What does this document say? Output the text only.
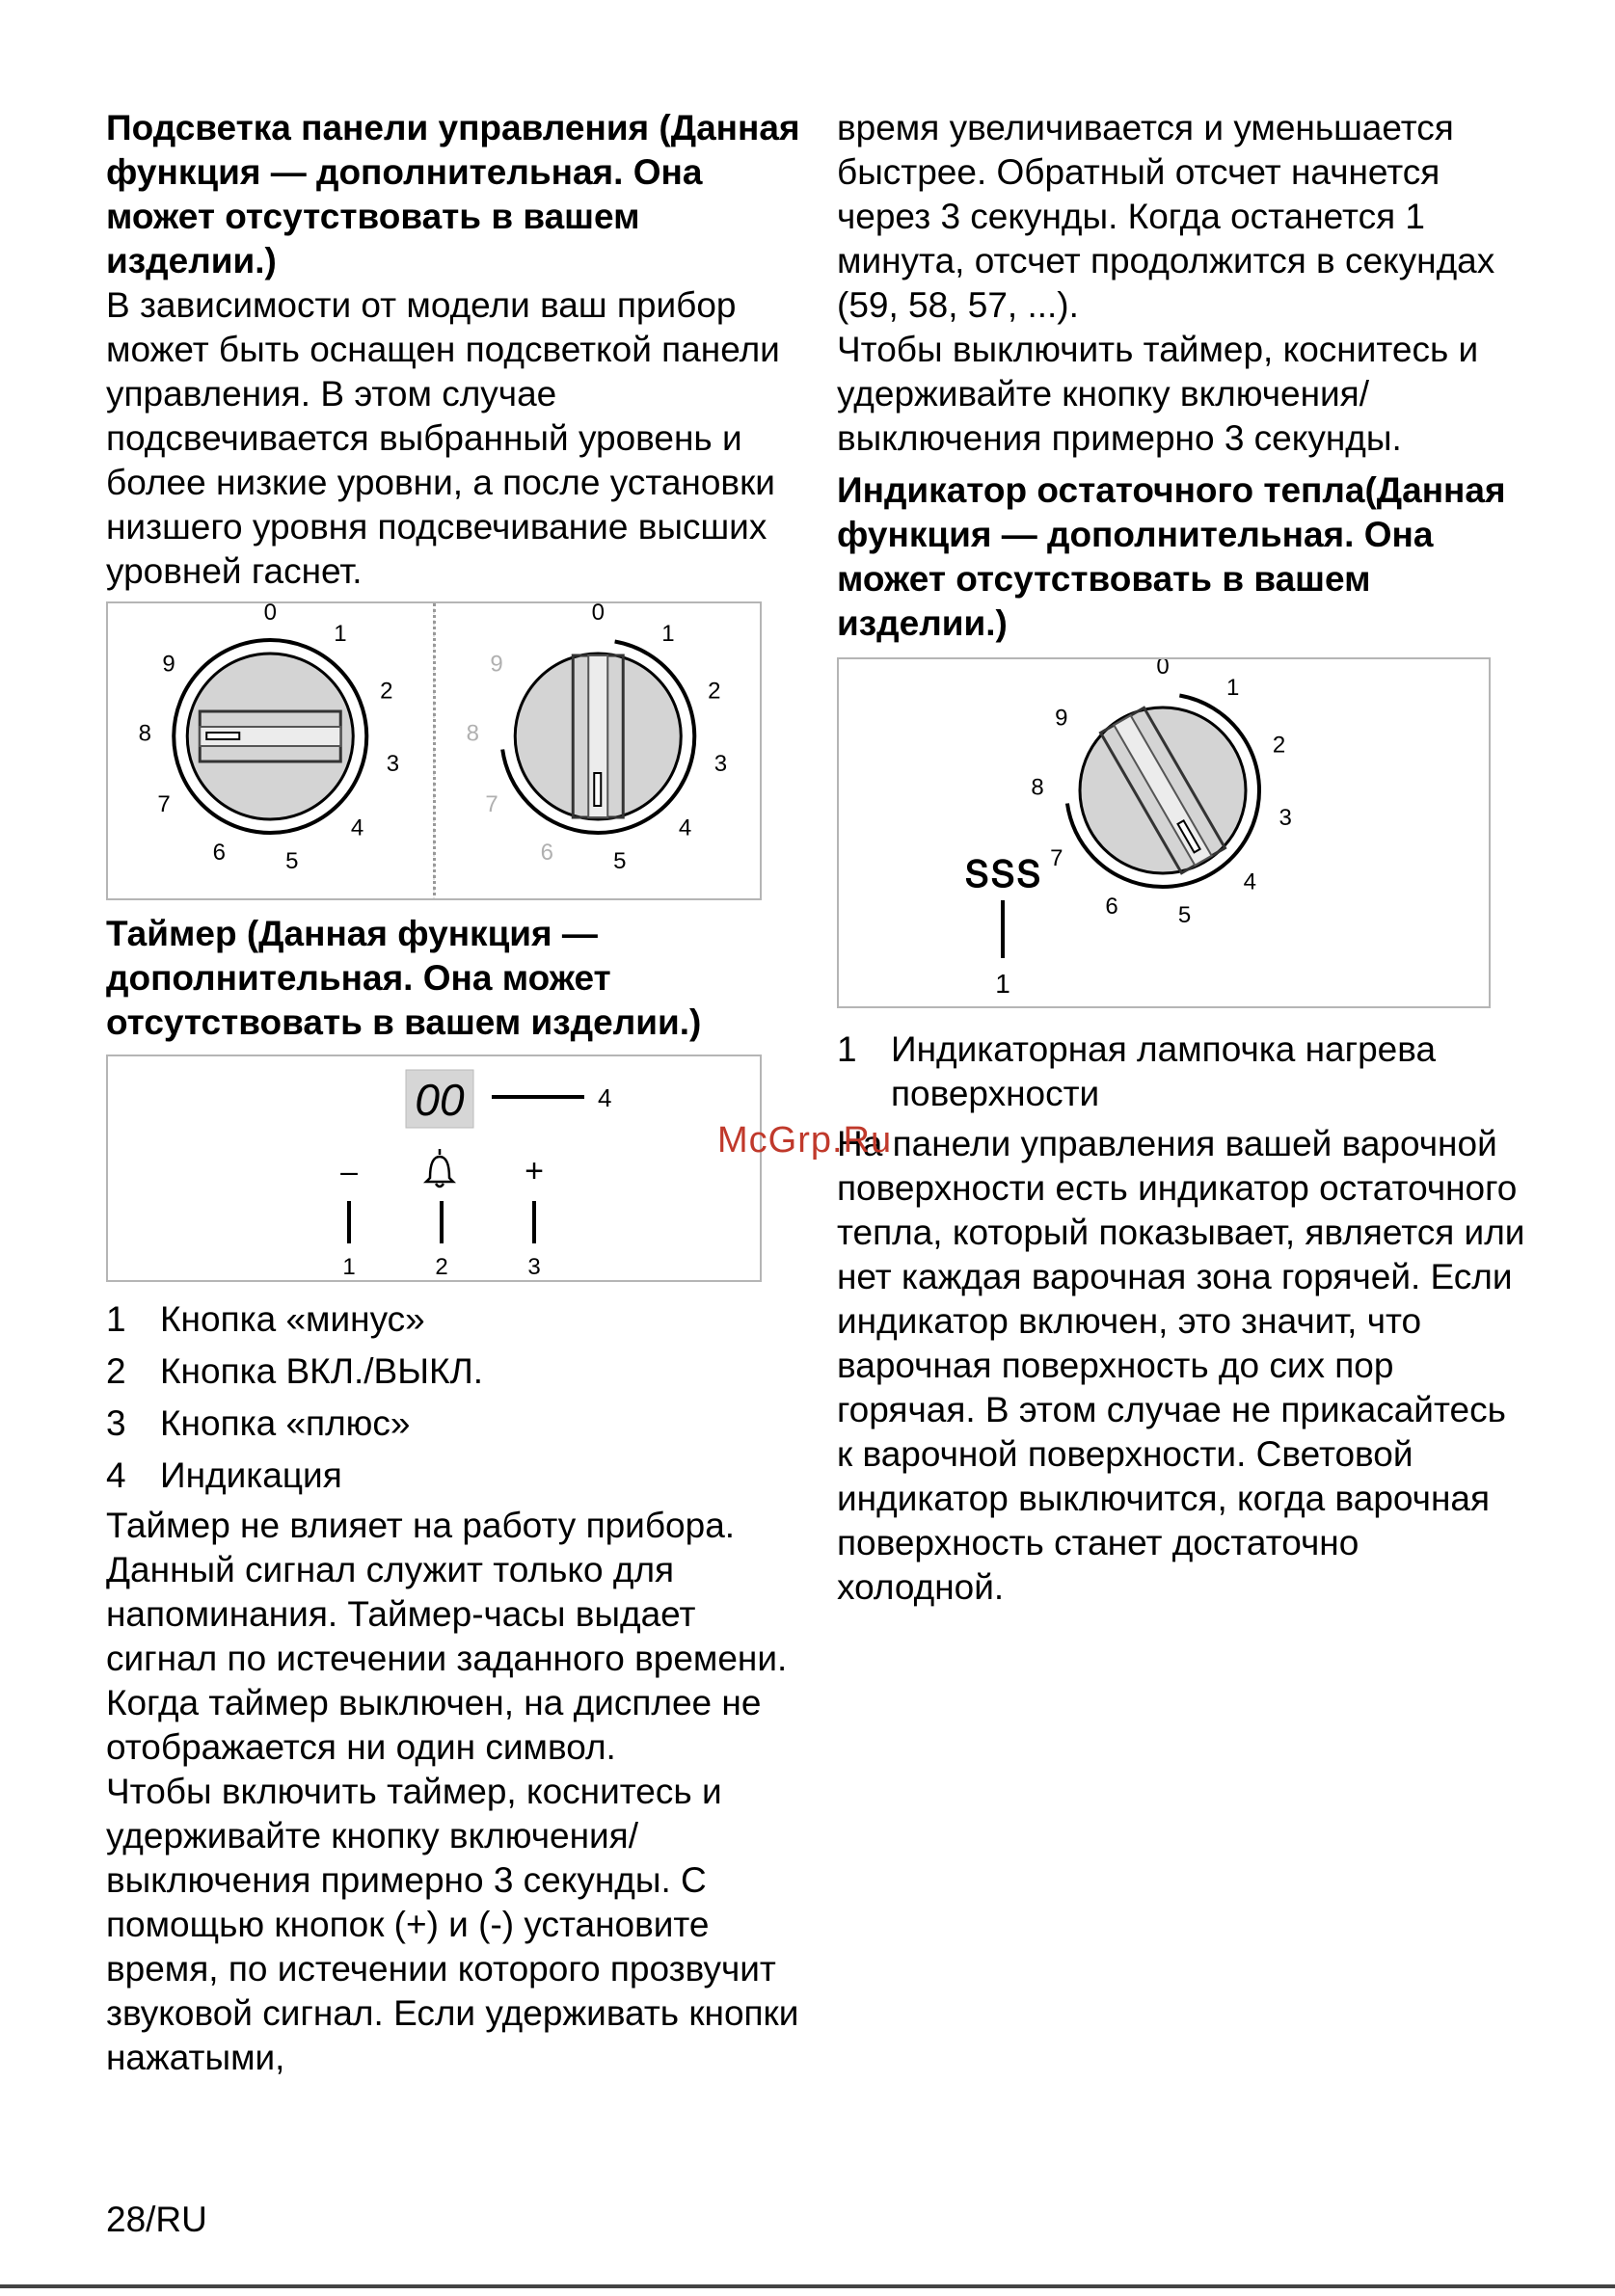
Подсветка панели управления (Данная функция — дополнительная. Она может отсутствовать в вашем изделии.)

В зависимости от модели ваш прибор может быть оснащен подсветкой панели управления. В этом случае подсвечивается выбранный уровень и более низкие уровни, а после установки низшего уровня подсвечивание высших уровней гаснет.

0
1
2
3
4
5
6
7
8
9
0
1
2
3
4
5
6
7
8
9
Таймер (Данная функция — дополнительная. Она может отсутствовать в вашем изделии.)
00	4
–	+
1	2	3
1 Кнопка «минус»
2 Кнопка ВКЛ./ВЫКЛ.
3 Кнопка «плюс»
4 Индикация

Таймер не влияет на работу прибора. Данный сигнал служит только для напоминания. Таймер-часы выдает сигнал по истечении заданного времени. Когда таймер выключен, на дисплее не отображается ни один символ.

Чтобы включить таймер, коснитесь и удерживайте кнопку включения/выключения примерно 3 секунды. С помощью кнопок (+) и (-) установите время, по истечении которого прозвучит звуковой сигнал. Если удерживать кнопки нажатыми,

время увеличивается и уменьшается быстрее. Обратный отсчет начнется через 3 секунды. Когда останется 1 минута, отсчет продолжится в секундах (59, 58, 57, ...).

Чтобы выключить таймер, коснитесь и удерживайте кнопку включения/выключения примерно 3 секунды.

Индикатор остаточного тепла(Данная функция — дополнительная. Она может отсутствовать в вашем изделии.)
0
1
2
3
4
5
6
7
8
9
ՏՏՏ
1
1 Индикаторная лампочка нагрева поверхности

На панели управления вашей варочной поверхности есть индикатор остаточного тепла, который показывает, является или нет каждая варочная зона горячей. Если индикатор включен, это значит, что варочная поверхность до сих пор горячая. В этом случае не прикасайтесь к варочной поверхности. Световой индикатор выключится, когда варочная поверхность станет достаточно холодной.

McGrp.Ru
28/RU
